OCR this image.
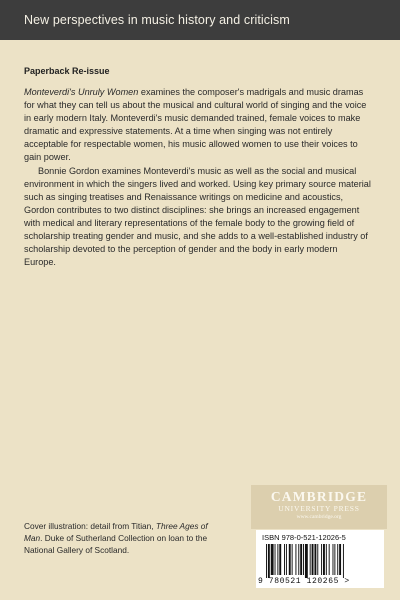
New perspectives in music history and criticism
Paperback Re-issue

Monteverdi's Unruly Women examines the composer's madrigals and music dramas for what they can tell us about the musical and cultural world of singing and the voice in early modern Italy. Monteverdi's music demanded trained, female voices to make dramatic and expressive statements. At a time when singing was not entirely acceptable for respectable women, his music allowed women to use their voices to gain power.

Bonnie Gordon examines Monteverdi's music as well as the social and musical environment in which the singers lived and worked. Using key primary source material such as singing treatises and Renaissance writings on medicine and acoustics, Gordon contributes to two distinct disciplines: she brings an increased engagement with medical and literary representations of the female body to the growing field of scholarship treating gender and music, and she adds to a well-established industry of scholarship devoted to the perception of gender and the body in early modern Europe.

CAMBRIDGE
UNIVERSITY PRESS
www.cambridge.org
Cover illustration: detail from Titian, Three Ages of Man. Duke of Sutherland Collection on loan to the National Gallery of Scotland.
ISBN 978-0-521-12026-5
9 780521 120265 >
